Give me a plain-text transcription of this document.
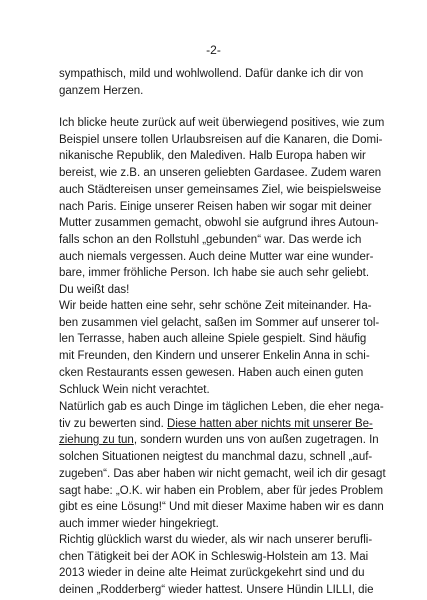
-2-

sympathisch, mild und wohlwollend. Dafür danke ich dir von
ganzem Herzen.

Ich blicke heute zurück auf weit überwiegend positives, wie zum
Beispiel unsere tollen Urlaubsreisen auf die Kanaren, die Domi-
nikanische Republik, den Malediven. Halb Europa haben wir
bereist, wie z.B. an unseren geliebten Gardasee. Zudem waren
auch Städtereisen unser gemeinsames Ziel, wie beispielsweise
nach Paris. Einige unserer Reisen haben wir sogar mit deiner
Mutter zusammen gemacht, obwohl sie aufgrund ihres Autoun-
falls schon an den Rollstuhl „gebunden“ war. Das werde ich
auch niemals vergessen. Auch deine Mutter war eine wunder-
bare, immer fröhliche Person. Ich habe sie auch sehr geliebt.
Du weißt das!

Wir beide hatten eine sehr, sehr schöne Zeit miteinander. Ha-
ben zusammen viel gelacht, saßen im Sommer auf unserer tol-
len Terrasse, haben auch alleine Spiele gespielt. Sind häufig
mit Freunden, den Kindern und unserer Enkelin Anna in schi-
cken Restaurants essen gewesen. Haben auch einen guten
Schluck Wein nicht verachtet.

Natürlich gab es auch Dinge im täglichen Leben, die eher nega-
tiv zu bewerten sind. Diese hatten aber nichts mit unserer Be-
ziehung zu tun, sondern wurden uns von außen zugetragen. In
solchen Situationen neigtest du manchmal dazu, schnell „auf-
zugeben“. Das aber haben wir nicht gemacht, weil ich dir gesagt
sagt habe: „O.K. wir haben ein Problem, aber für jedes Problem
gibt es eine Lösung!“ Und mit dieser Maxime haben wir es dann
auch immer wieder hingekriegt.

Richtig glücklich warst du wieder, als wir nach unserer berufli-
chen Tätigkeit bei der AOK in Schleswig-Holstein am 13. Mai
2013 wieder in deine alte Heimat zurückgekehrt sind und du
deinen „Rodderberg“ wieder hattest. Unsere Hündin LILLI, die
